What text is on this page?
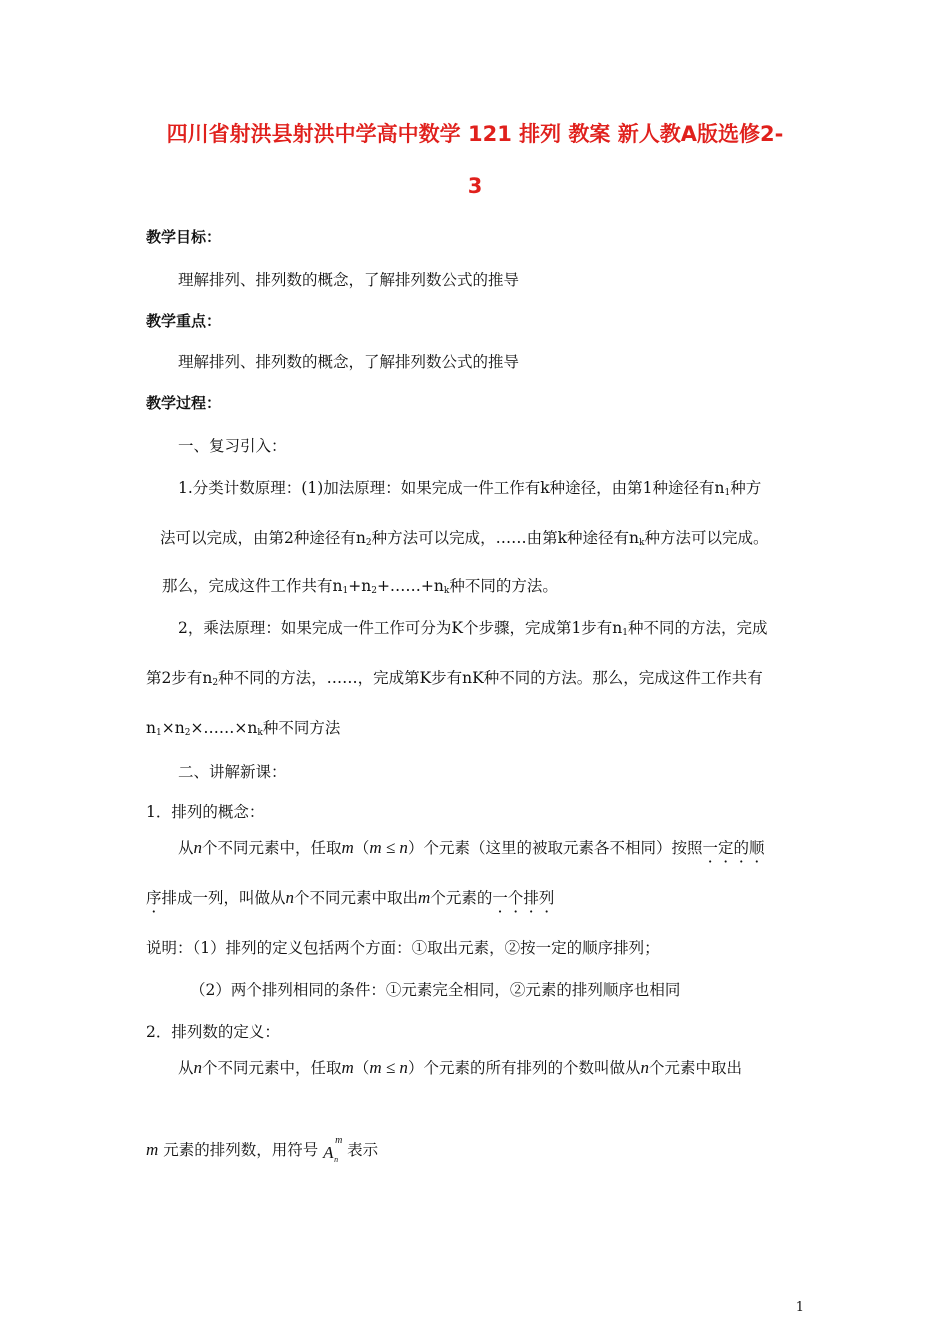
四川省射洪县射洪中学高中数学 121 排列 教案 新人教A版选修2-
3
教学目标：
理解排列、排列数的概念，了解排列数公式的推导
教学重点：
理解排列、排列数的概念，了解排列数公式的推导
教学过程：
一、复习引入：
1.分类计数原理：(1)加法原理：如果完成一件工作有k种途径，由第1种途径有$n_1$种方
法可以完成，由第2种途径有$n_2$种方法可以完成，……由第k种途径有$n_k$种方法可以完成。
那么，完成这件工作共有$n_1+n_2+\dots\dots+n_k$种不同的方法。
2，乘法原理：如果完成一件工作可分为K个步骤，完成第1步有$n_1$种不同的方法，完成
第2步有$n_2$种不同的方法，……，完成第K步有nK种不同的方法。那么，完成这件工作共有
$n_1\times n_2\times\dots\dots\times n_k$种不同方法
二、讲解新课：
1．排列的概念：
从n个不同元素中，任取m（m ≤ n）个元素（这里的被取元素各不相同）按照一定的顺
序排成一列，叫做从n个不同元素中取出m个元素的一个排列
说明：（1）排列的定义包括两个方面：①取出元素，②按一定的顺序排列；
（2）两个排列相同的条件：①元素完全相同，②元素的排列顺序也相同
2．排列数的定义：
从n个不同元素中，任取m（m ≤ n）个元素的所有排列的个数叫做从n个元素中取出
m 元素的排列数，用符号 A
m
n
表示
1
